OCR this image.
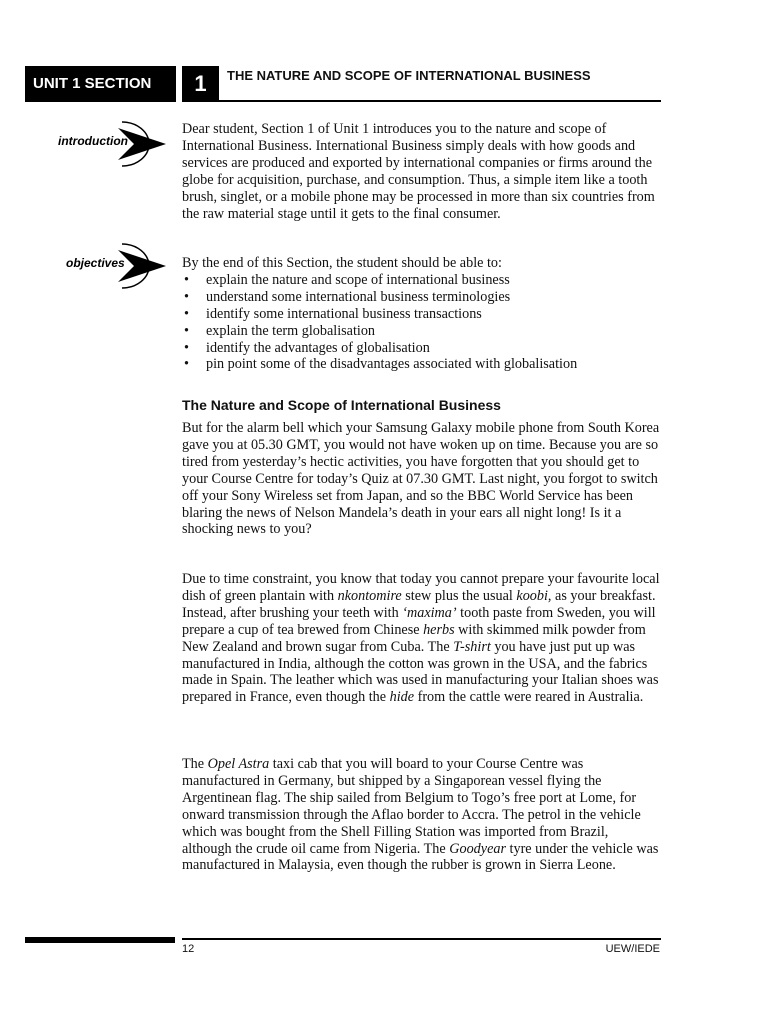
UNIT 1 SECTION	1	THE NATURE AND SCOPE OF INTERNATIONAL BUSINESS
introduction
objectives

Dear student, Section 1 of Unit 1 introduces you to the nature and scope of International Business. International Business simply deals with how goods and services are produced and exported by international companies or firms around the globe for acquisition, purchase, and consumption. Thus, a simple item like a tooth brush, singlet, or a mobile phone may be processed in more than six countries from the raw material stage until it gets to the final consumer.

By the end of this Section, the student should be able to:

• explain the nature and scope of international business
• understand some international business terminologies
• identify some international business transactions
• explain the term globalisation
• identify the advantages of globalisation
• pin point some of the disadvantages associated with globalisation
The Nature and Scope of International Business

But for the alarm bell which your Samsung Galaxy mobile phone from South Korea gave you at 05.30 GMT, you would not have woken up on time. Because you are so tired from yesterday’s hectic activities, you have forgotten that you should get to your Course Centre for today’s Quiz at 07.30 GMT. Last night, you forgot to switch off your Sony Wireless set from Japan, and so the BBC World Service has been blaring the news of Nelson Mandela’s death in your ears all night long! Is it a shocking news to you?

Due to time constraint, you know that today you cannot prepare your favourite local dish of green plantain with nkontomire stew plus the usual koobi, as your breakfast. Instead, after brushing your teeth with ‘maxima’ tooth paste from Sweden, you will prepare a cup of tea brewed from Chinese herbs with skimmed milk powder from New Zealand and brown sugar from Cuba. The T-shirt you have just put up was manufactured in India, although the cotton was grown in the USA, and the fabrics made in Spain. The leather which was used in manufacturing your Italian shoes was prepared in France, even though the hide from the cattle were reared in Australia.

The Opel Astra taxi cab that you will board to your Course Centre was manufactured in Germany, but shipped by a Singaporean vessel flying the Argentinean flag. The ship sailed from Belgium to Togo’s free port at Lome, for onward transmission through the Aflao border to Accra. The petrol in the vehicle which was bought from the Shell Filling Station was imported from Brazil, although the crude oil came from Nigeria. The Goodyear tyre under the vehicle was manufactured in Malaysia, even though the rubber is grown in Sierra Leone.

12	UEW/IEDE
